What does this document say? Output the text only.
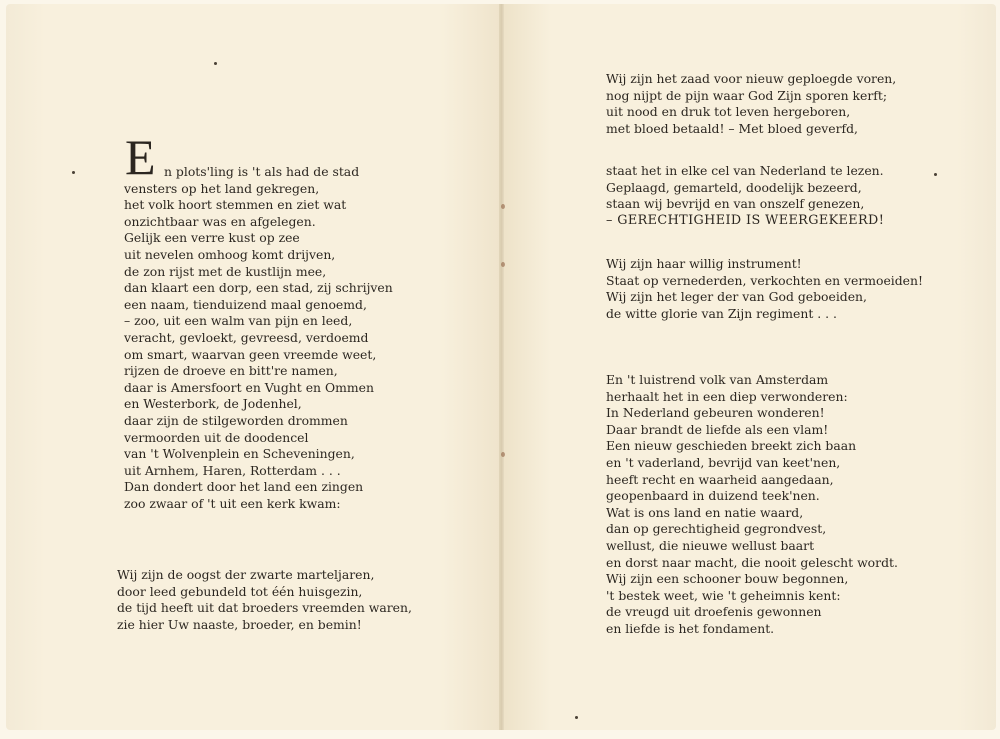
E n plots'ling is 't als had de stad
vensters op het land gekregen,
het volk hoort stemmen en ziet wat
onzichtbaar was en afgelegen.
Gelijk een verre kust op zee
uit nevelen omhoog komt drijven,
de zon rijst met de kustlijn mee,
dan klaart een dorp, een stad, zij schrijven
een naam, tienduizend maal genoemd,
– zoo, uit een walm van pijn en leed,
veracht, gevloekt, gevreesd, verdoemd
om smart, waarvan geen vreemde weet,
rijzen de droeve en bitt're namen,
daar is Amersfoort en Vught en Ommen
en Westerbork, de Jodenhel,
daar zijn de stilgeworden drommen
vermoorden uit de doodencel
van 't Wolvenplein en Scheveningen,
uit Arnhem, Haren, Rotterdam . . .
Dan dondert door het land een zingen
zoo zwaar of 't uit een kerk kwam:
Wij zijn de oogst der zwarte marteljaren,
door leed gebundeld tot één huisgezin,
de tijd heeft uit dat broeders vreemden waren,
zie hier Uw naaste, broeder, en bemin!
Wij zijn het zaad voor nieuw geploegde voren,
nog nijpt de pijn waar God Zijn sporen kerft;
uit nood en druk tot leven hergeboren,
met bloed betaald! – Met bloed geverfd,
staat het in elke cel van Nederland te lezen.
Geplaagd, gemarteld, doodelijk bezeerd,
staan wij bevrijd en van onszelf genezen,
– GERECHTIGHEID IS WEERGEKEERD!
Wij zijn haar willig instrument!
Staat op vernederden, verkochten en vermoeiden!
Wij zijn het leger der van God geboeiden,
de witte glorie van Zijn regiment . . .
En 't luistrend volk van Amsterdam
herhaalt het in een diep verwonderen:
In Nederland gebeuren wonderen!
Daar brandt de liefde als een vlam!
Een nieuw geschieden breekt zich baan
en 't vaderland, bevrijd van keet'nen,
heeft recht en waarheid aangedaan,
geopenbaard in duizend teek'nen.
Wat is ons land en natie waard,
dan op gerechtigheid gegrondvest,
wellust, die nieuwe wellust baart
en dorst naar macht, die nooit gelescht wordt.
Wij zijn een schooner bouw begonnen,
't bestek weet, wie 't geheimnis kent:
de vreugd uit droefenis gewonnen
en liefde is het fondament.
